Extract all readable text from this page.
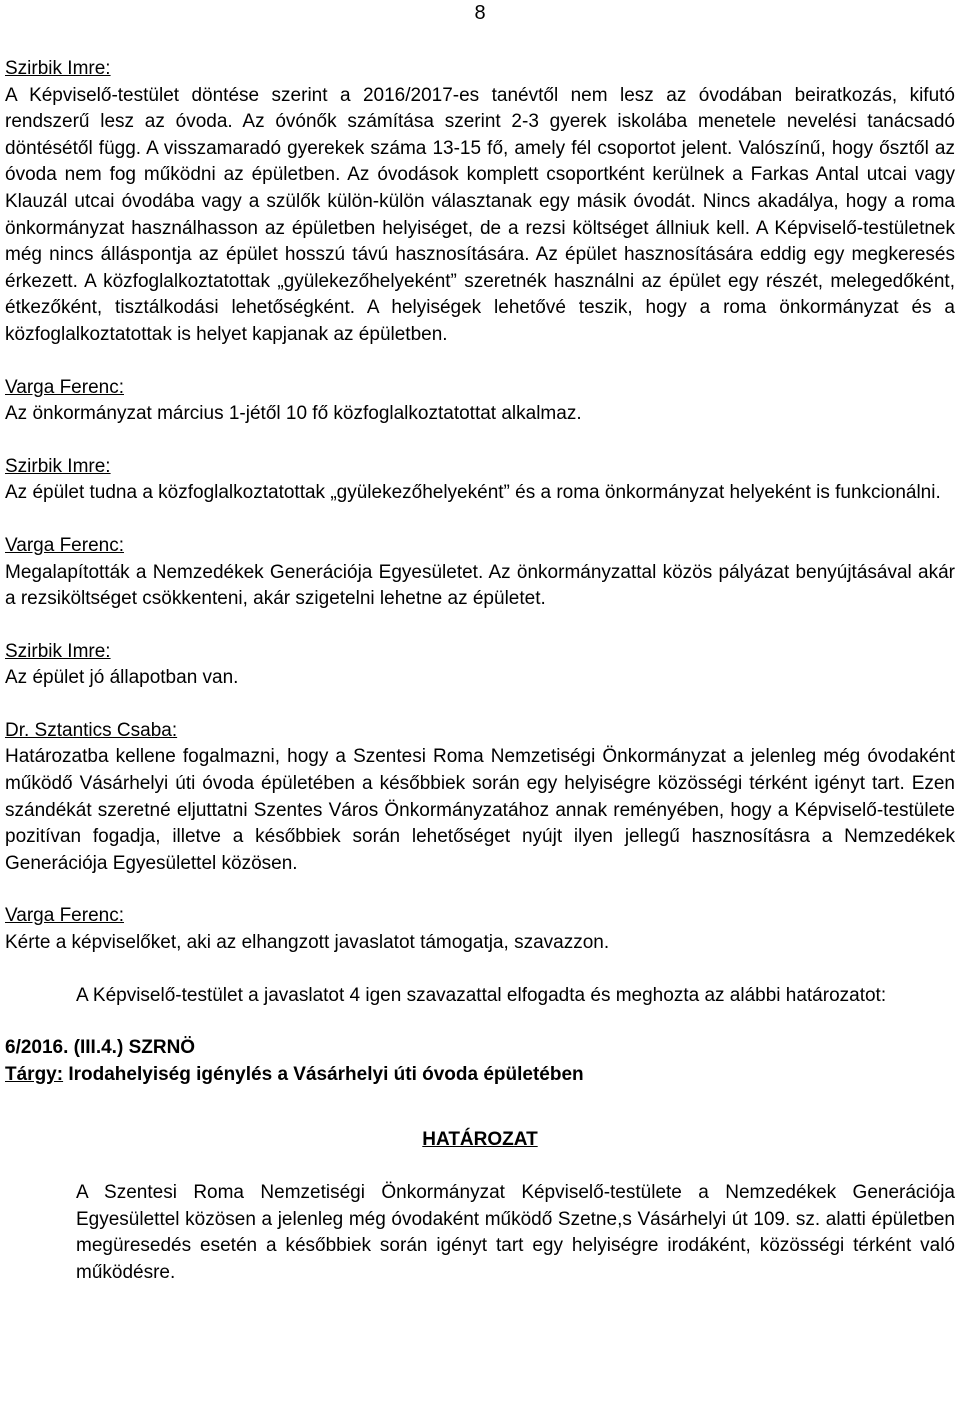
8
Szirbik Imre:

A Képviselő-testület döntése szerint a 2016/2017-es tanévtől nem lesz az óvodában beiratkozás, kifutó rendszerű lesz az óvoda. Az óvónők számítása szerint 2-3 gyerek iskolába menetele nevelési tanácsadó döntésétől függ. A visszamaradó gyerekek száma 13-15 fő, amely fél csoportot jelent. Valószínű, hogy ősztől az óvoda nem fog működni az épületben. Az óvodások komplett csoportként kerülnek a Farkas Antal utcai vagy Klauzál utcai óvodába vagy a szülők külön-külön választanak egy másik óvodát. Nincs akadálya, hogy a roma önkormányzat használhasson az épületben helyiséget, de a rezsi költséget állniuk kell. A Képviselő-testületnek még nincs álláspontja az épület hosszú távú hasznosítására. Az épület hasznosítására eddig egy megkeresés érkezett. A közfoglalkoztatottak „gyülekezőhelyeként” szeretnék használni az épület egy részét, melegedőként, étkezőként, tisztálkodási lehetőségként. A helyiségek lehetővé teszik, hogy a roma önkormányzat és a közfoglalkoztatottak is helyet kapjanak az épületben.

Varga Ferenc:

Az önkormányzat március 1-jétől 10 fő közfoglalkoztatottat alkalmaz.

Szirbik Imre:

Az épület tudna a közfoglalkoztatottak „gyülekezőhelyeként” és a roma önkormányzat helyeként is funkcionálni.

Varga Ferenc:

Megalapították a Nemzedékek Generációja Egyesületet. Az önkormányzattal közös pályázat benyújtásával akár a rezsiköltséget csökkenteni, akár szigetelni lehetne az épületet.

Szirbik Imre:

Az épület jó állapotban van.

Dr. Sztantics Csaba:

Határozatba kellene fogalmazni, hogy a Szentesi Roma Nemzetiségi Önkormányzat a jelenleg még óvodaként működő Vásárhelyi úti óvoda épületében a későbbiek során egy helyiségre közösségi térként igényt tart. Ezen szándékát szeretné eljuttatni Szentes Város Önkormányzatához annak reményében, hogy a Képviselő-testülete pozitívan fogadja, illetve a későbbiek során lehetőséget nyújt ilyen jellegű hasznosításra a Nemzedékek Generációja Egyesülettel közösen.

Varga Ferenc:

Kérte a képviselőket, aki az elhangzott javaslatot támogatja, szavazzon.

A Képviselő-testület a javaslatot 4 igen szavazattal elfogadta és meghozta az alábbi határozatot:

6/2016. (III.4.) SZRNÖ

Tárgy: Irodahelyiség igénylés a Vásárhelyi úti óvoda épületében

HATÁROZAT

A Szentesi Roma Nemzetiségi Önkormányzat Képviselő-testülete a Nemzedékek Generációja Egyesülettel közösen a jelenleg még óvodaként működő Szetne,s Vásárhelyi út 109. sz. alatti épületben megüresedés esetén a későbbiek során igényt tart egy helyiségre irodáként, közösségi térként való működésre.
